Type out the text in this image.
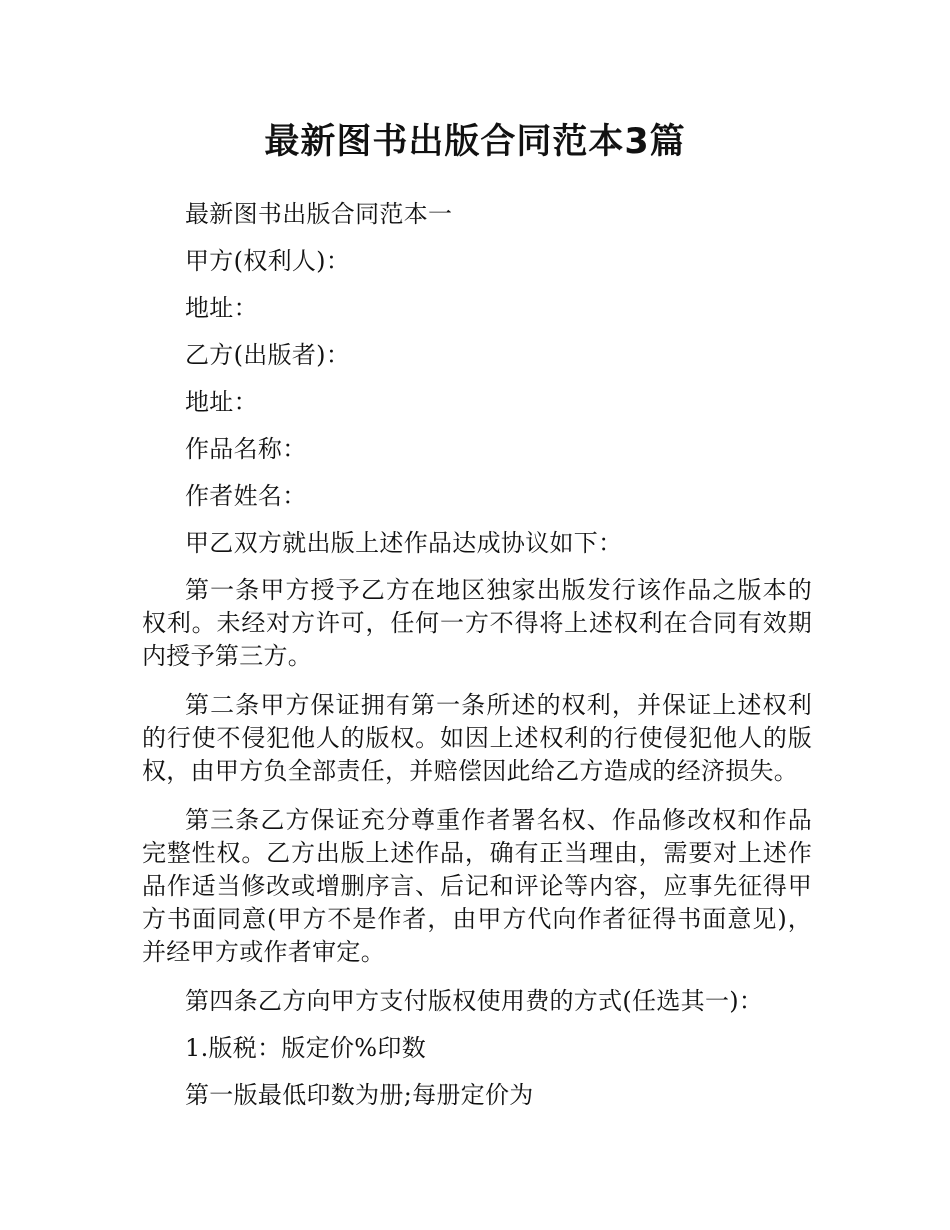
最新图书出版合同范本3篇

最新图书出版合同范本一

甲方(权利人)：

地址：

乙方(出版者)：

地址：

作品名称：

作者姓名：

甲乙双方就出版上述作品达成协议如下：

第一条甲方授予乙方在地区独家出版发行该作品之版本的权利。未经对方许可，任何一方不得将上述权利在合同有效期内授予第三方。

第二条甲方保证拥有第一条所述的权利，并保证上述权利的行使不侵犯他人的版权。如因上述权利的行使侵犯他人的版权，由甲方负全部责任，并赔偿因此给乙方造成的经济损失。

第三条乙方保证充分尊重作者署名权、作品修改权和作品完整性权。乙方出版上述作品，确有正当理由，需要对上述作品作适当修改或增删序言、后记和评论等内容，应事先征得甲方书面同意(甲方不是作者，由甲方代向作者征得书面意见)，并经甲方或作者审定。

第四条乙方向甲方支付版权使用费的方式(任选其一)：

1.版税：版定价%印数

第一版最低印数为册;每册定价为
